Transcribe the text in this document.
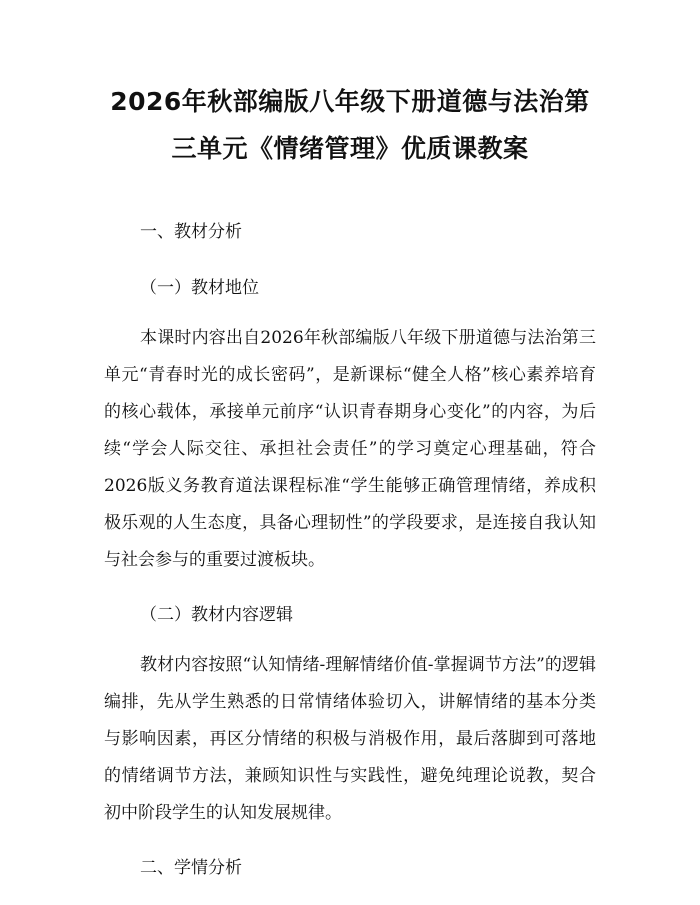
2026年秋部编版八年级下册道德与法治第三单元《情绪管理》优质课教案

一、教材分析

（一）教材地位

本课时内容出自2026年秋部编版八年级下册道德与法治第三单元“青春时光的成长密码”，是新课标“健全人格”核心素养培育的核心载体，承接单元前序“认识青春期身心变化”的内容，为后续“学会人际交往、承担社会责任”的学习奠定心理基础，符合2026版义务教育道法课程标准“学生能够正确管理情绪，养成积极乐观的人生态度，具备心理韧性”的学段要求，是连接自我认知与社会参与的重要过渡板块。

（二）教材内容逻辑

教材内容按照“认知情绪-理解情绪价值-掌握调节方法”的逻辑编排，先从学生熟悉的日常情绪体验切入，讲解情绪的基本分类与影响因素，再区分情绪的积极与消极作用，最后落脚到可落地的情绪调节方法，兼顾知识性与实践性，避免纯理论说教，契合初中阶段学生的认知发展规律。

二、学情分析
